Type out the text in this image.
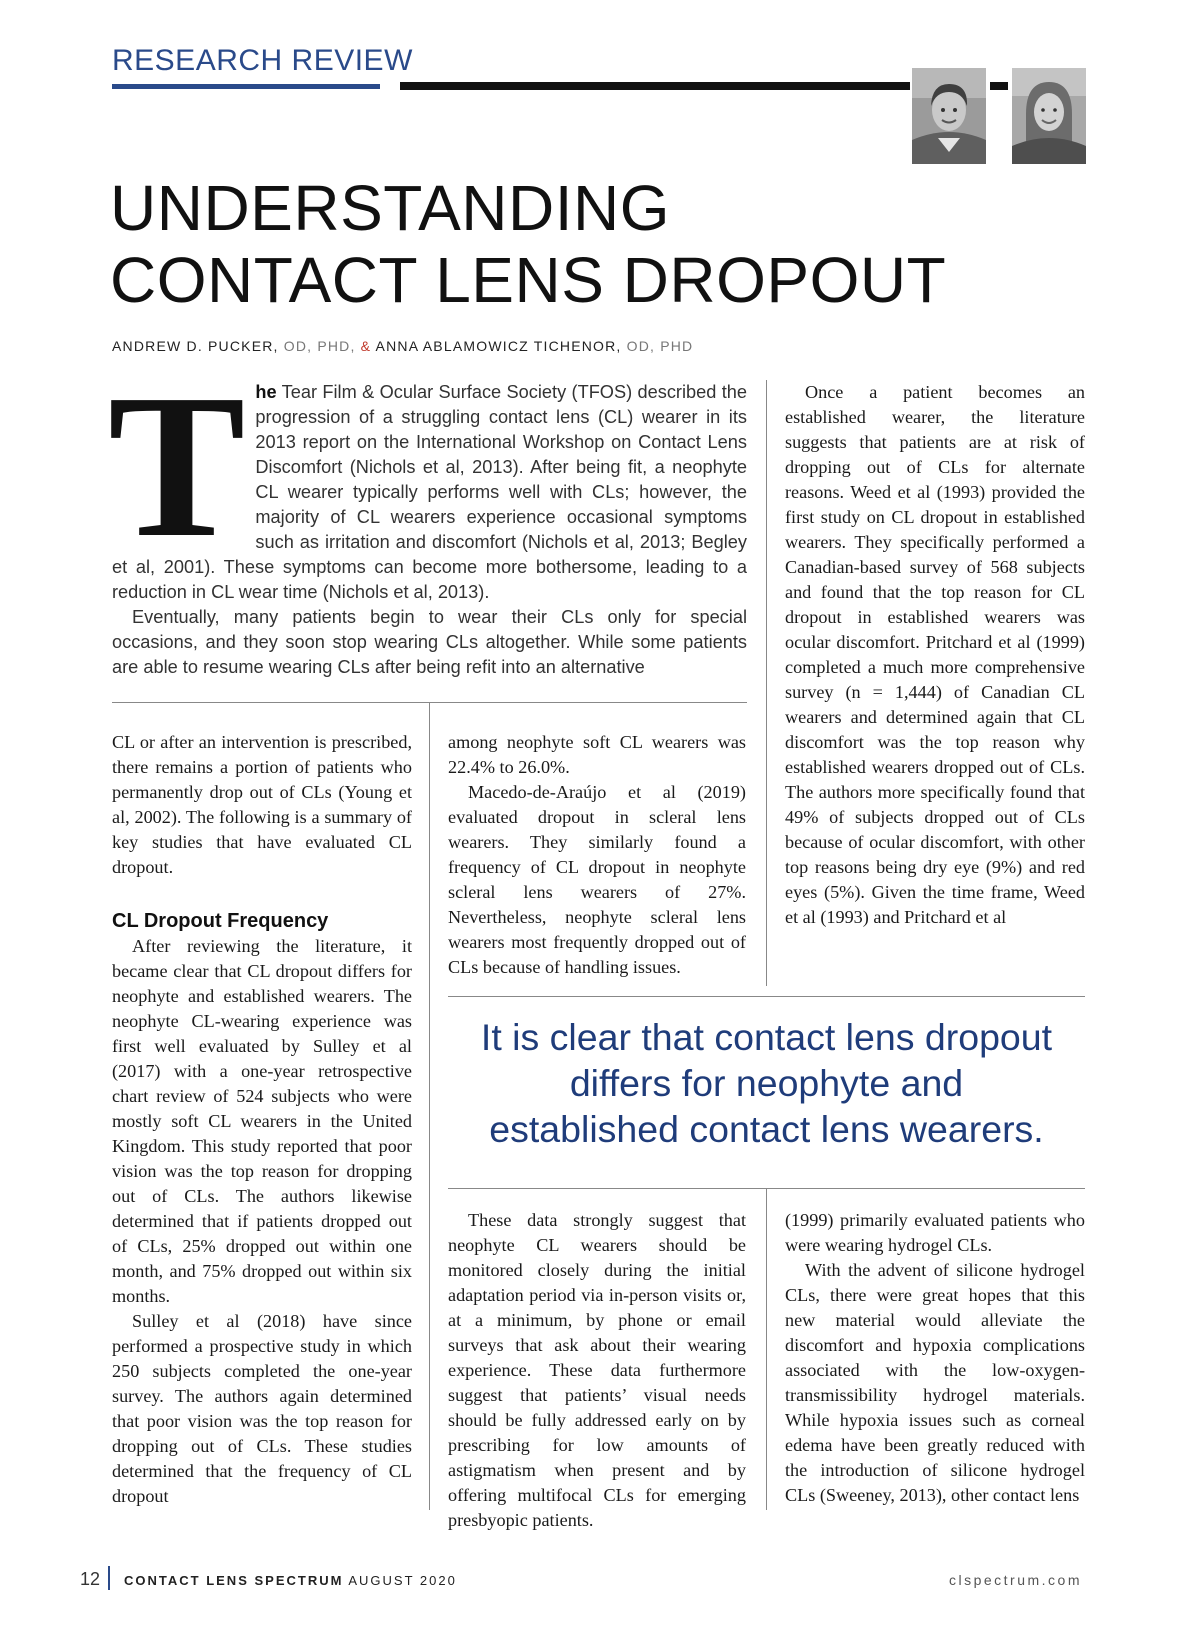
RESEARCH REVIEW
UNDERSTANDING
CONTACT LENS DROPOUT
ANDREW D. PUCKER, OD, PHD, & ANNA ABLAMOWICZ TICHENOR, OD, PHD
T he Tear Film & Ocular Surface Society (TFOS) described the progression of a struggling contact lens (CL) wearer in its 2013 report on the International Workshop on Contact Lens Discomfort (Nichols et al, 2013). After being fit, a neophyte CL wearer typically performs well with CLs; however, the majority of CL wearers experience occasional symptoms such as irritation and discomfort (Nichols et al, 2013; Begley et al, 2001). These symptoms can become more bothersome, leading to a reduction in CL wear time (Nichols et al, 2013).

Eventually, many patients begin to wear their CLs only for special occasions, and they soon stop wearing CLs altogether. While some patients are able to resume wearing CLs after being refit into an alternative

CL or after an intervention is prescribed, there remains a portion of patients who permanently drop out of CLs (Young et al, 2002). The following is a summary of key studies that have evaluated CL dropout.

CL Dropout Frequency

After reviewing the literature, it became clear that CL dropout differs for neophyte and established wearers. The neophyte CL-wearing experience was first well evaluated by Sulley et al (2017) with a one-year retrospective chart review of 524 subjects who were mostly soft CL wearers in the United Kingdom. This study reported that poor vision was the top reason for dropping out of CLs. The authors likewise determined that if patients dropped out of CLs, 25% dropped out within one month, and 75% dropped out within six months.

Sulley et al (2018) have since performed a prospective study in which 250 subjects completed the one-year survey. The authors again determined that poor vision was the top reason for dropping out of CLs. These studies determined that the frequency of CL dropout

among neophyte soft CL wearers was 22.4% to 26.0%.

Macedo-de-Araújo et al (2019) evaluated dropout in scleral lens wearers. They similarly found a frequency of CL dropout in neophyte scleral lens wearers of 27%. Nevertheless, neophyte scleral lens wearers most frequently dropped out of CLs because of handling issues.

Once a patient becomes an established wearer, the literature suggests that patients are at risk of dropping out of CLs for alternate reasons. Weed et al (1993) provided the first study on CL dropout in established wearers. They specifically performed a Canadian-based survey of 568 subjects and found that the top reason for CL dropout in established wearers was ocular discomfort. Pritchard et al (1999) completed a much more comprehensive survey (n = 1,444) of Canadian CL wearers and determined again that CL discomfort was the top reason why established wearers dropped out of CLs. The authors more specifically found that 49% of subjects dropped out of CLs because of ocular discomfort, with other top reasons being dry eye (9%) and red eyes (5%). Given the time frame, Weed et al (1993) and Pritchard et al

It is clear that contact lens dropout
differs for neophyte and
established contact lens wearers.

These data strongly suggest that neophyte CL wearers should be monitored closely during the initial adaptation period via in-person visits or, at a minimum, by phone or email surveys that ask about their wearing experience. These data furthermore suggest that patients’ visual needs should be fully addressed early on by prescribing for low amounts of astigmatism when present and by offering multifocal CLs for emerging presbyopic patients.

(1999) primarily evaluated patients who were wearing hydrogel CLs.

With the advent of silicone hydrogel CLs, there were great hopes that this new material would alleviate the discomfort and hypoxia complications associated with the low-oxygen-transmissibility hydrogel materials. While hypoxia issues such as corneal edema have been greatly reduced with the introduction of silicone hydrogel CLs (Sweeney, 2013), other contact lens

12 CONTACT LENS SPECTRUM AUGUST 2020	clspectrum.com
